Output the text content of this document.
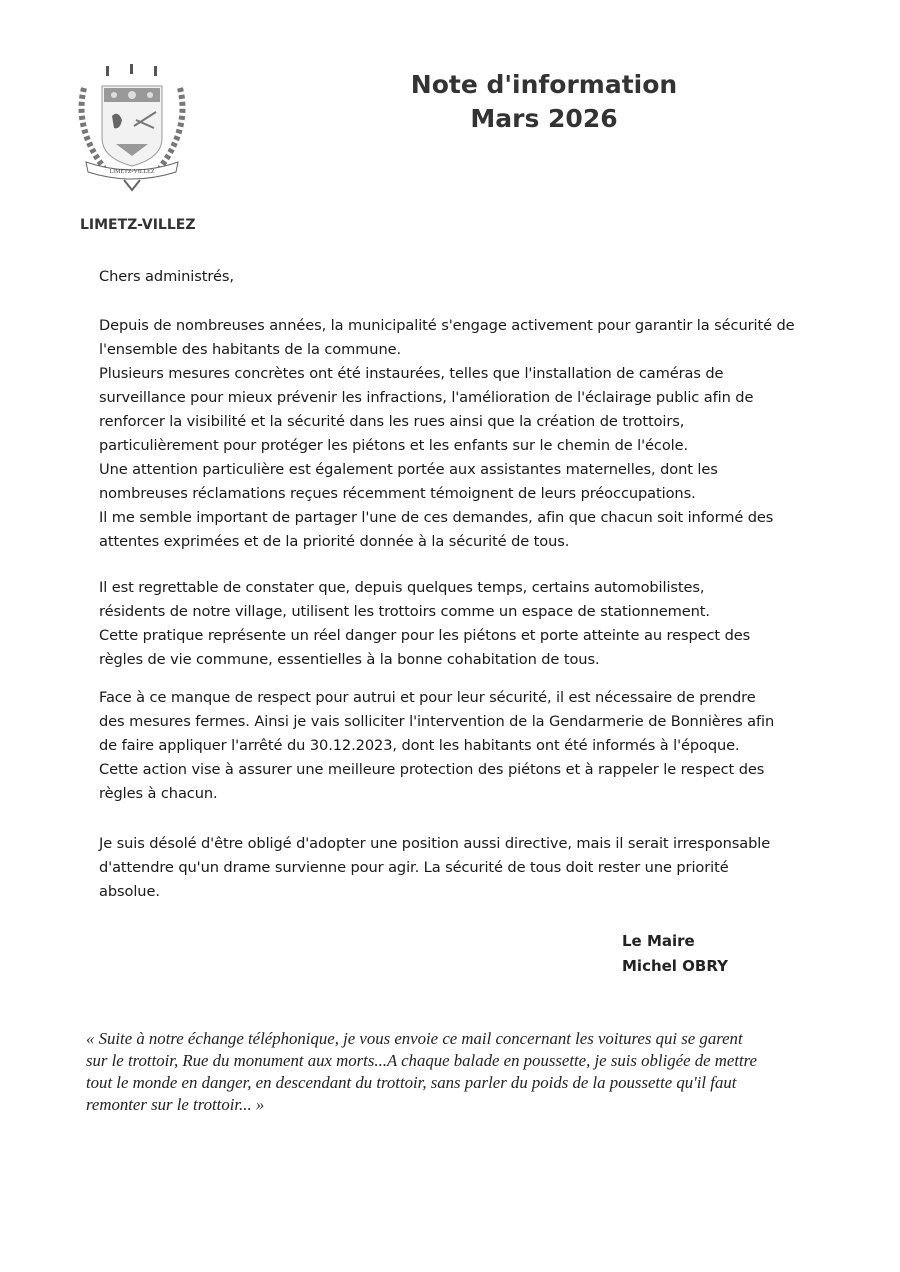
LIMETZ-VILLEZ
Note d'information
Mars 2026
LIMETZ-VILLEZ
Chers administrés,
Depuis de nombreuses années, la municipalité s'engage activement pour garantir la sécurité de
l'ensemble des habitants de la commune.
Plusieurs mesures concrètes ont été instaurées, telles que l'installation de caméras de
surveillance pour mieux prévenir les infractions, l'amélioration de l'éclairage public afin de
renforcer la visibilité et la sécurité dans les rues ainsi que la création de trottoirs,
particulièrement pour protéger les piétons et les enfants sur le chemin de l'école.
Une attention particulière est également portée aux assistantes maternelles, dont les
nombreuses réclamations reçues récemment témoignent de leurs préoccupations.
Il me semble important de partager l'une de ces demandes, afin que chacun soit informé des
attentes exprimées et de la priorité donnée à la sécurité de tous.
Il est regrettable de constater que, depuis quelques temps, certains automobilistes,
résidents de notre village, utilisent les trottoirs comme un espace de stationnement.
Cette pratique représente un réel danger pour les piétons et porte atteinte au respect des
règles de vie commune, essentielles à la bonne cohabitation de tous.
Face à ce manque de respect pour autrui et pour leur sécurité, il est nécessaire de prendre
des mesures fermes. Ainsi je vais solliciter l'intervention de la Gendarmerie de Bonnières afin
de faire appliquer l'arrêté du 30.12.2023, dont les habitants ont été informés à l'époque.
Cette action vise à assurer une meilleure protection des piétons et à rappeler le respect des
règles à chacun.
Je suis désolé d'être obligé d'adopter une position aussi directive, mais il serait irresponsable
d'attendre qu'un drame survienne pour agir. La sécurité de tous doit rester une priorité
absolue.
Le Maire
Michel OBRY
« Suite à notre échange téléphonique, je vous envoie ce mail concernant les voitures qui se garent
sur le trottoir, Rue du monument aux morts...A chaque balade en poussette, je suis obligée de mettre
tout le monde en danger, en descendant du trottoir, sans parler du poids de la poussette qu'il faut
remonter sur le trottoir... »
